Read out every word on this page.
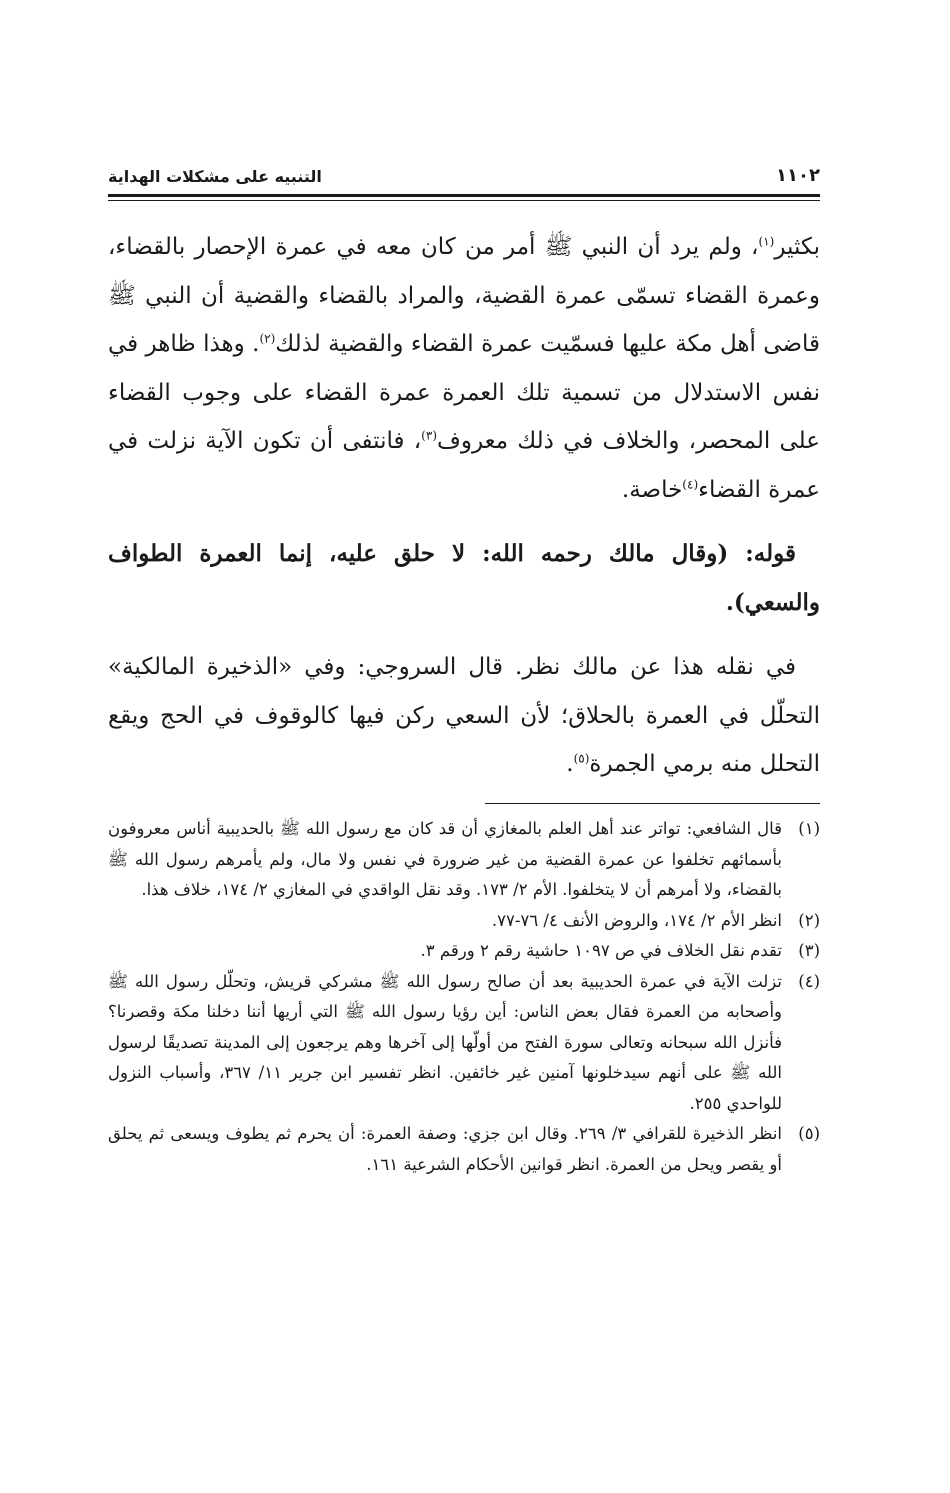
١١٠٢
التنبيه على مشكلات الهداية

بكثير$^{(١)}$، ولم يرد أن النبي ﷺ أمر من كان معه في عمرة الإحصار بالقضاء، وعمرة القضاء تسمّى عمرة القضية، والمراد بالقضاء والقضية أن النبي ﷺ قاضى أهل مكة عليها فسمّيت عمرة القضاء والقضية لذلك$^{(٢)}$. وهذا ظاهر في نفس الاستدلال من تسمية تلك العمرة عمرة القضاء على وجوب القضاء على المحصر، والخلاف في ذلك معروف$^{(٣)}$، فانتفى أن تكون الآية نزلت في عمرة القضاء$^{(٤)}$خاصة.

قوله: (وقال مالك رحمه الله: لا حلق عليه، إنما العمرة الطواف والسعي).

في نقله هذا عن مالك نظر. قال السروجي: وفي «الذخيرة المالكية» التحلّل في العمرة بالحلاق؛ لأن السعي ركن فيها كالوقوف في الحج ويقع التحلل منه برمي الجمرة$^{(٥)}$.

(١)
قال الشافعي: تواتر عند أهل العلم بالمغازي أن قد كان مع رسول الله ﷺ بالحديبية أناس معروفون بأسمائهم تخلفوا عن عمرة القضية من غير ضرورة في نفس ولا مال، ولم يأمرهم رسول الله ﷺ بالقضاء، ولا أمرهم أن لا يتخلفوا. الأم ٢/ ١٧٣. وقد نقل الواقدي في المغازي ٢/ ١٧٤، خلاف هذا.
(٢)
انظر الأم ٢/ ١٧٤، والروض الأنف ٤/ ٧٦-٧٧.
(٣)
تقدم نقل الخلاف في ص ١٠٩٧ حاشية رقم ٢ ورقم ٣.
(٤)
تزلت الآية في عمرة الحديبية بعد أن صالح رسول الله ﷺ مشركي قريش، وتحلّل رسول الله ﷺ وأصحابه من العمرة فقال بعض الناس: أين رؤيا رسول الله ﷺ التي أريها أننا دخلنا مكة وقصرنا؟ فأنزل الله سبحانه وتعالى سورة الفتح من أولّها إلى آخرها وهم يرجعون إلى المدينة تصديقًا لرسول الله ﷺ على أنهم سيدخلونها آمنين غير خائفين. انظر تفسير ابن جرير ١١/ ٣٦٧، وأسباب النزول للواحدي ٢٥٥.
(٥)
انظر الذخيرة للقرافي ٣/ ٢٦٩. وقال ابن جزي: وصفة العمرة: أن يحرم ثم يطوف ويسعى ثم يحلق أو يقصر ويحل من العمرة. انظر قوانين الأحكام الشرعية ١٦١.
